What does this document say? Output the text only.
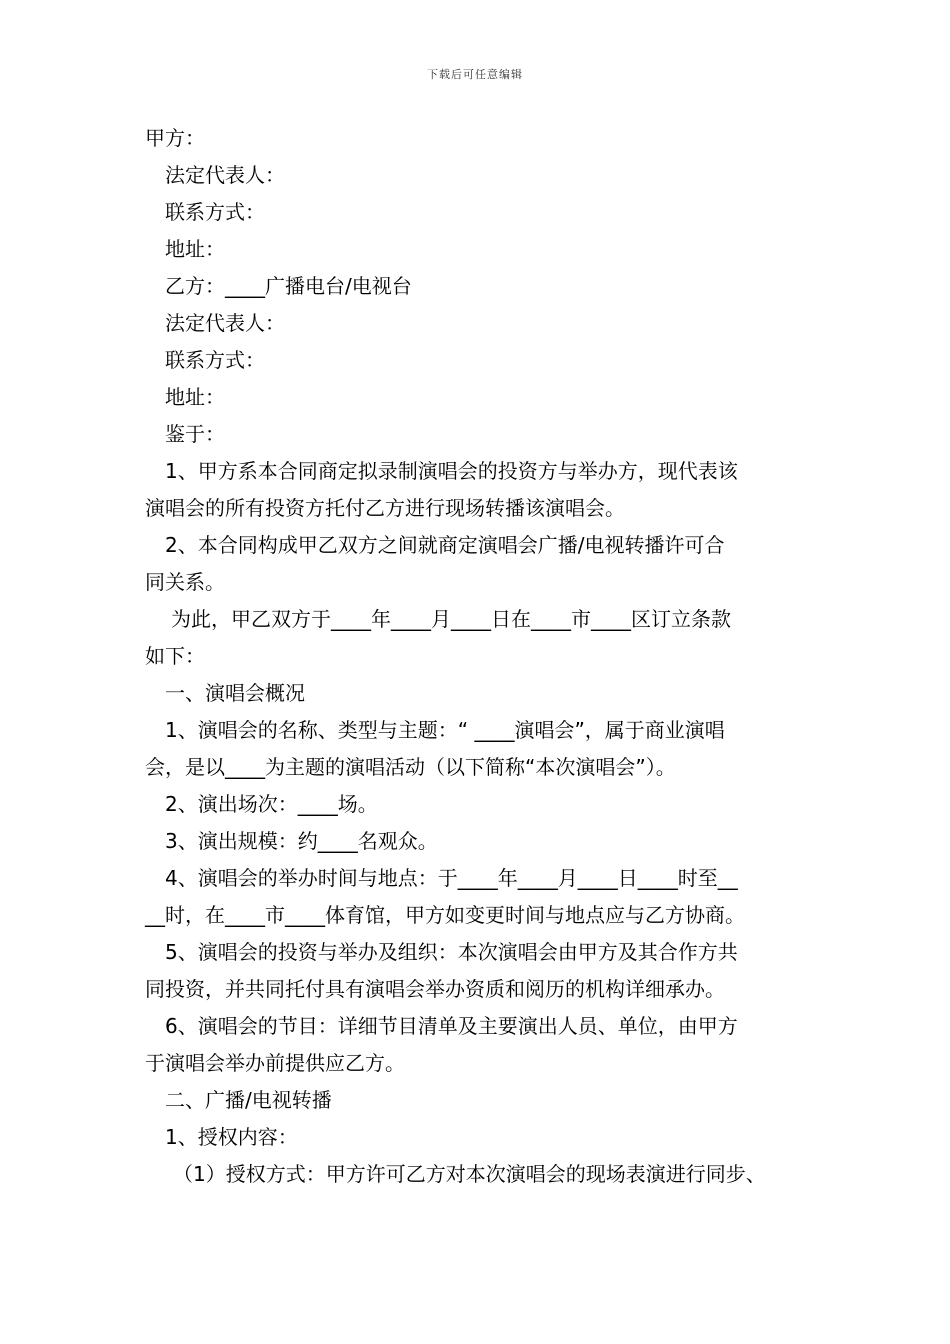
下载后可任意编辑
甲方：
法定代表人：
联系方式：
地址：
乙方：____广播电台/电视台
法定代表人：
联系方式：
地址：
鉴于：
1、甲方系本合同商定拟录制演唱会的投资方与举办方，现代表该
演唱会的所有投资方托付乙方进行现场转播该演唱会。
2、本合同构成甲乙双方之间就商定演唱会广播/电视转播许可合
同关系。
为此，甲乙双方于____年____月____日在____市____区订立条款
如下：
一、演唱会概况
1、演唱会的名称、类型与主题：“ ____演唱会”，属于商业演唱
会，是以____为主题的演唱活动（以下简称“本次演唱会”）。
2、演出场次：____场。
3、演出规模：约____名观众。
4、演唱会的举办时间与地点：于____年____月____日____时至__
__时，在____市____体育馆，甲方如变更时间与地点应与乙方协商。
5、演唱会的投资与举办及组织：本次演唱会由甲方及其合作方共
同投资，并共同托付具有演唱会举办资质和阅历的机构详细承办。
6、演唱会的节目：详细节目清单及主要演出人员、单位，由甲方
于演唱会举办前提供应乙方。
二、广播/电视转播
1、授权内容：
（1）授权方式：甲方许可乙方对本次演唱会的现场表演进行同步、
